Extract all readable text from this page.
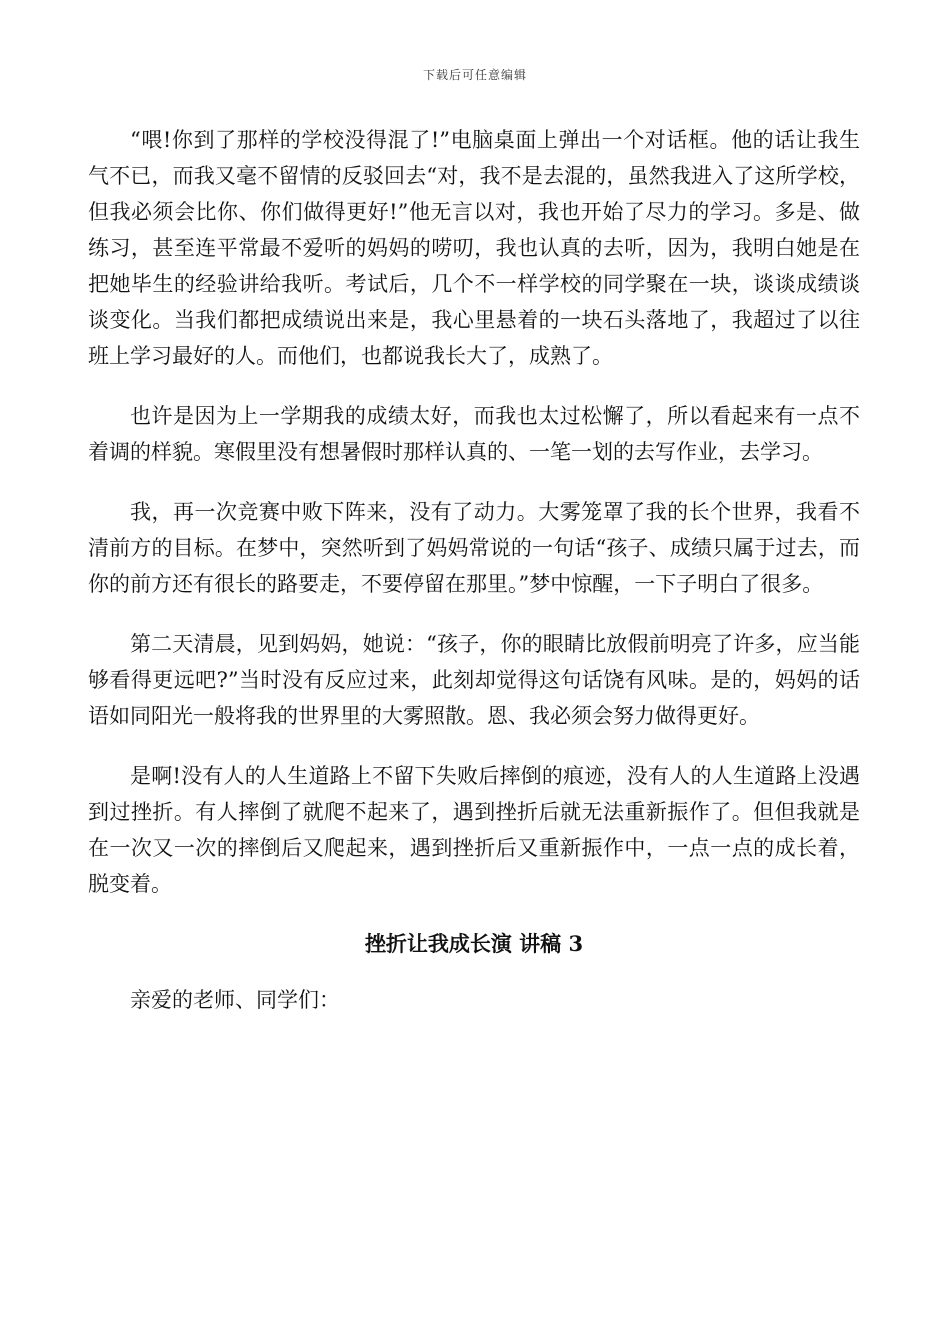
下载后可任意编辑

“喂!你到了那样的学校没得混了!”电脑桌面上弹出一个对话框。他的话让我生气不已，而我又毫不留情的反驳回去“对，我不是去混的，虽然我进入了这所学校，但我必须会比你、你们做得更好!”他无言以对，我也开始了尽力的学习。多是、做练习，甚至连平常最不爱听的妈妈的唠叨，我也认真的去听，因为，我明白她是在把她毕生的经验讲给我听。考试后，几个不一样学校的同学聚在一块，谈谈成绩谈谈变化。当我们都把成绩说出来是，我心里悬着的一块石头落地了，我超过了以往班上学习最好的人。而他们，也都说我长大了，成熟了。

也许是因为上一学期我的成绩太好，而我也太过松懈了，所以看起来有一点不着调的样貌。寒假里没有想暑假时那样认真的、一笔一划的去写作业，去学习。

我，再一次竞赛中败下阵来，没有了动力。大雾笼罩了我的长个世界，我看不清前方的目标。在梦中，突然听到了妈妈常说的一句话“孩子、成绩只属于过去，而你的前方还有很长的路要走，不要停留在那里。”梦中惊醒，一下子明白了很多。

第二天清晨，见到妈妈，她说：“孩子，你的眼睛比放假前明亮了许多，应当能够看得更远吧?”当时没有反应过来，此刻却觉得这句话饶有风味。是的，妈妈的话语如同阳光一般将我的世界里的大雾照散。恩、我必须会努力做得更好。

是啊!没有人的人生道路上不留下失败后摔倒的痕迹，没有人的人生道路上没遇到过挫折。有人摔倒了就爬不起来了，遇到挫折后就无法重新振作了。但但我就是在一次又一次的摔倒后又爬起来，遇到挫折后又重新振作中，一点一点的成长着，脱变着。

挫折让我成长演 讲稿 3

亲爱的老师、同学们：
